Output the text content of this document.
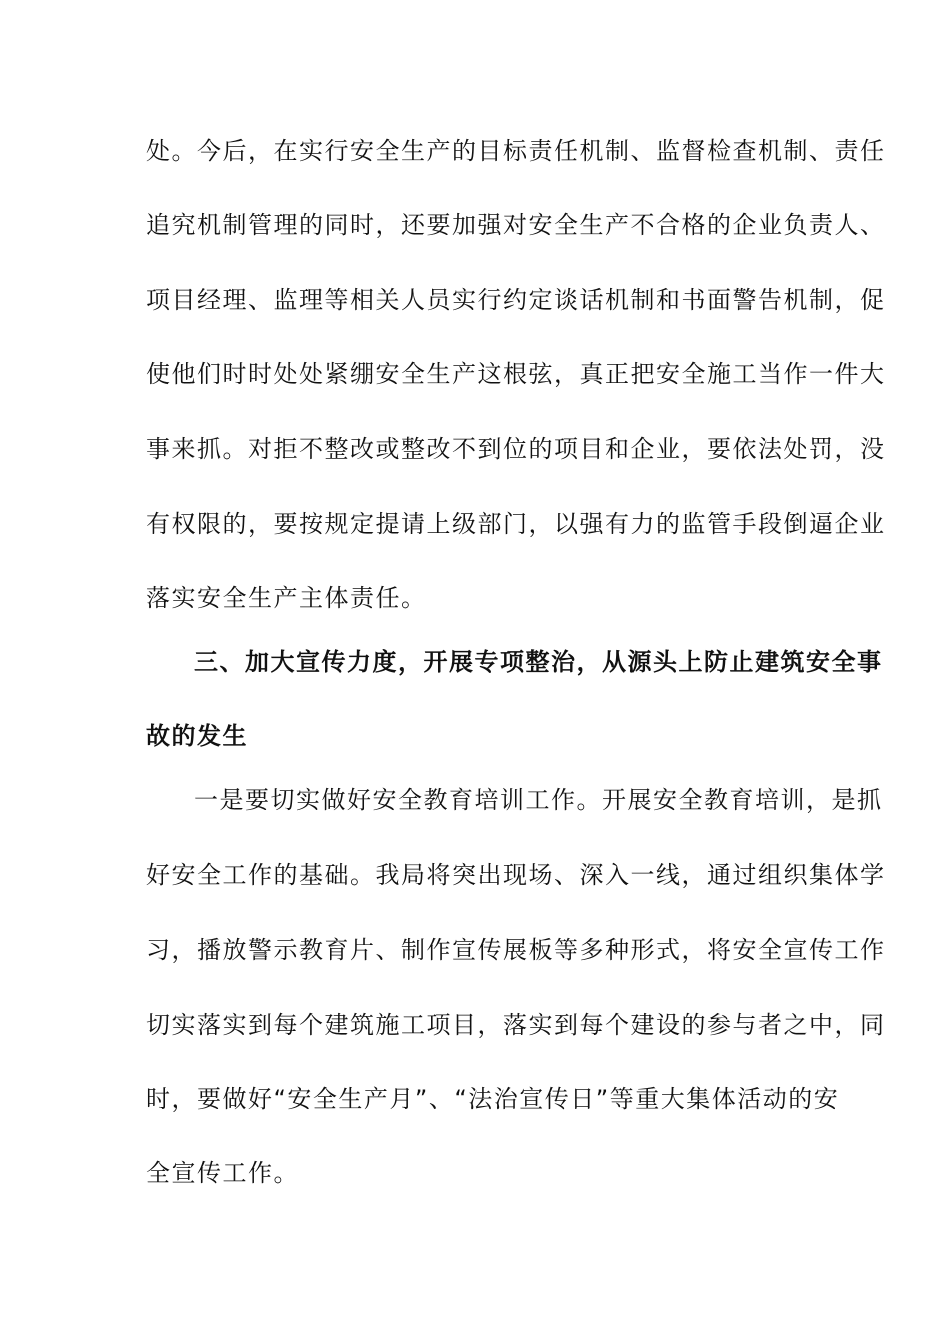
处。今后，在实行安全生产的目标责任机制、监督检查机制、责任
追究机制管理的同时，还要加强对安全生产不合格的企业负责人、
项目经理、监理等相关人员实行约定谈话机制和书面警告机制，促
使他们时时处处紧绷安全生产这根弦，真正把安全施工当作一件大
事来抓。对拒不整改或整改不到位的项目和企业，要依法处罚，没
有权限的，要按规定提请上级部门，以强有力的监管手段倒逼企业
落实安全生产主体责任。
三、加大宣传力度，开展专项整治，从源头上防止建筑安全事
故的发生
一是要切实做好安全教育培训工作。开展安全教育培训，是抓
好安全工作的基础。我局将突出现场、深入一线，通过组织集体学
习，播放警示教育片、制作宣传展板等多种形式，将安全宣传工作
切实落实到每个建筑施工项目，落实到每个建设的参与者之中，同
时，要做好“安全生产月”、“法治宣传日”等重大集体活动的安
全宣传工作。
